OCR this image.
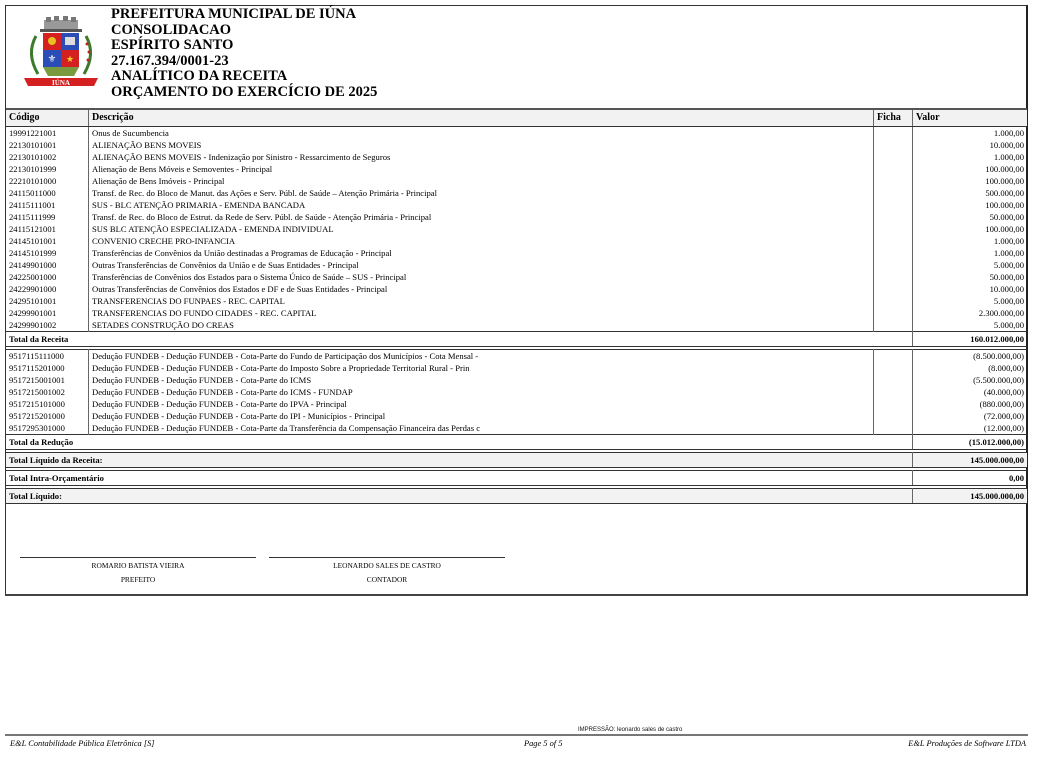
⚜ ★
IÚNA
PREFEITURA MUNICIPAL DE IÚNA
CONSOLIDACAO
ESPÍRITO SANTO
27.167.394/0001-23
ANALÍTICO DA RECEITA
ORÇAMENTO DO EXERCÍCIO DE 2025
Código	Descrição	Ficha	Valor
19991221001	Onus de Sucumbencia		1.000,00
22130101001	ALIENAÇÃO BENS MOVEIS		10.000,00
22130101002	ALIENAÇÃO BENS MOVEIS - Indenização por Sinistro - Ressarcimento de Seguros		1.000,00
22130101999	Alienação de Bens Móveis e Semoventes - Principal		100.000,00
22210101000	Alienação de Bens Imóveis - Principal		100.000,00
24115011000	Transf. de Rec. do Bloco de Manut. das Ações e Serv. Públ. de Saúde – Atenção Primária - Principal		500.000,00
24115111001	SUS - BLC ATENÇÃO PRIMARIA - EMENDA BANCADA		100.000,00
24115111999	Transf. de Rec. do Bloco de Estrut. da Rede de Serv. Públ. de Saúde - Atenção Primária - Principal		50.000,00
24115121001	SUS BLC ATENÇÃO ESPECIALIZADA - EMENDA INDIVIDUAL		100.000,00
24145101001	CONVENIO CRECHE PRO-INFANCIA		1.000,00
24145101999	Transferências de Convênios da União destinadas a Programas de Educação - Principal		1.000,00
24149901000	Outras Transferências de Convênios da União e de Suas Entidades - Principal		5.000,00
24225001000	Transferências de Convênios dos Estados para o Sistema Único de Saúde – SUS - Principal		50.000,00
24229901000	Outras Transferências de Convênios dos Estados e DF e de Suas Entidades - Principal		10.000,00
24295101001	TRANSFERENCIAS DO FUNPAES - REC. CAPITAL		5.000,00
24299901001	TRANSFERENCIAS DO FUNDO CIDADES - REC. CAPITAL		2.300.000,00
24299901002	SETADES CONSTRUÇÃO DO CREAS		5.000,00
Total da Receita			160.012.000,00

9517115111000	Dedução FUNDEB - Dedução FUNDEB - Cota-Parte do Fundo de Participação dos Municípios - Cota Mensal -		(8.500.000,00)
9517115201000	Dedução FUNDEB - Dedução FUNDEB - Cota-Parte do Imposto Sobre a Propriedade Territorial Rural - Prin		(8.000,00)
9517215001001	Dedução FUNDEB - Dedução FUNDEB - Cota-Parte do ICMS		(5.500.000,00)
9517215001002	Dedução FUNDEB - Dedução FUNDEB - Cota-Parte do ICMS - FUNDAP		(40.000,00)
9517215101000	Dedução FUNDEB - Dedução FUNDEB - Cota-Parte do IPVA - Principal		(880.000,00)
9517215201000	Dedução FUNDEB - Dedução FUNDEB - Cota-Parte do IPI - Municípios - Principal		(72.000,00)
9517295301000	Dedução FUNDEB - Dedução FUNDEB - Cota-Parte da Transferência da Compensação Financeira das Perdas c		(12.000,00)
Total da Redução			(15.012.000,00)

Total Líquido da Receita:			145.000.000,00

Total Intra-Orçamentário			0,00

Total Líquido:			145.000.000,00
ROMARIO BATISTA VIEIRA
PREFEITO
LEONARDO SALES DE CASTRO
CONTADOR
IMPRESSÃO: leonardo sales de castro
E&L Contabilidade Pública Eletrônica [S]	Page 5 of 5	E&L Produções de Software LTDA
